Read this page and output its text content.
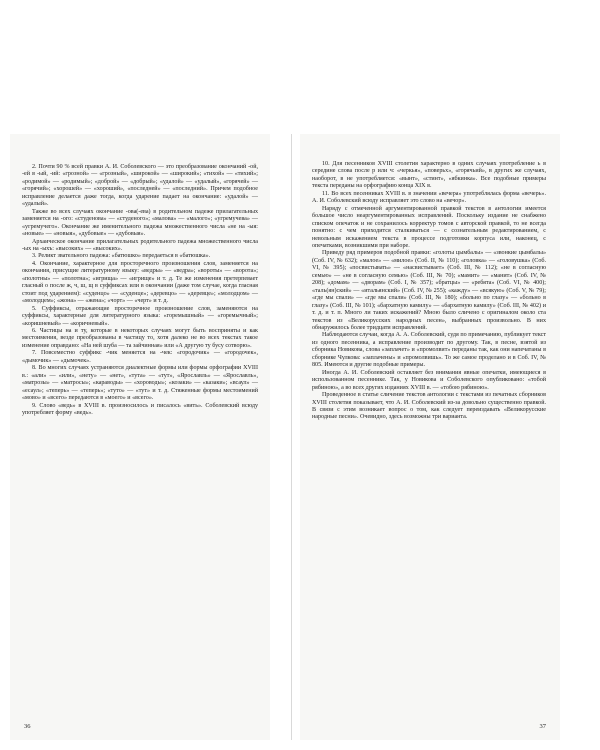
2. Почти 90 % всей правки А. И. Соболевского — это преобразование окончаний -ой, -ей в -ый, -ий: «грозной» — «грозный», «широкой» — «широкий»; «тихой» — «тихий»; «родимой» — «родимый»; «доброй» — «добрый»; «удалой» — «удалый», «горячей» — «горячий»; «хорошей» — «хороший», «последней» — «последний». Причем подобное исправление делается даже тогда, когда ударение падает на окончание: «удалой» — «удалый».

Также во всех случаях окончание -ова(-ева) в родительном падеже прилагательных заменяется на -ого: «студенова» — «студеного»; «малова» — «малого»; «угремучева» — «угремучего». Окончание же именительного падежа множественного числа «не на -ыя: «новые» — «новыя», «дубовые» — «дубовыя».

Архаическое окончание прилагательных родительного падежа множественного числа -ых на -ыхъ: «высоких» — «высоких».

3. Реликт звательного падежа: «батюшко» передаеться в «батюшка».

4. Окончание, характерное для просторечного произношения слов, заменяется на окончания, присущие литературному языку: «ведры» — «ведра»; «вороты» — «ворота»; «полотны» — «полотна»; «игрища» — «игрище» и т. д. Те же изменения претерпевает гласный о после ж, ч, ш, щ в суффиксах или в окончании (даже том случае, когда гласная стоит под ударением): «суденцо» — «суденце»; «деревцо» — «деревце»; «молодцом» — «молодцем»; «жона» — «жена»; «чорт» — «черт» и т. д.

5. Суффиксы, отражающие просторечное произношение слов, заменяются на суффиксы, характерные для литературного языка: «горемышный» — «горемычный»; «коришневый» — «коричневый».

6. Частицы на и ту, которые в некоторых случаях могут быть восприняты и как местоимения, везде преобразованы в частицу то, хотя далеко не во всех текстах такое изменение оправдано: «На ней шуба — та зайчинная» или «А другую ту бусу сотворю».

7. Повсеместно суффикс -чик меняется на -чек: «городочик» — «городочек», «дымочик» — «дымочек».

8. Во многих случаях устраняются диалектные формы или формы орфографии XVIII в.: «али» — «или», «нету» — «нет», «тута» — «тут», «Ярославль» — «Ярославль», «матрозы» — «матросы»; «караводы» — «хороводы»; «козаки» — «казаки»; «всаул» — «есаул»; «теперь» — «теперь»; «туто» — «тут» и т. д. Стяженные формы местоимений «мово» и «всего» передаются в «моего» и «всего».

9. Слово «ведь» в XVIII в. произносилось и писалось «вить». Соболевский всюду употребляет форму «ведь».

36

10. Для песенников XVIII столетия характерно в одних случаях употребление ь в середине слова после р или ч: «черкья», «поверьх», «горячьий», в других же случаях, наоборот, в не употребляется: «вынт», «стинт», «ябкинка». Все подобные примеры текста переданы на орфографию конца XIX в.

11. Во всех песенниках XVIII в. в значении «вечера» употреблялась форма «вечерь». А. И. Соболевский всюду исправляет это слово на «вечор».

Наряду с отмеченной аргументированной правкой текстов в антологии имеется большое число неаргументированных исправлений. Поскольку издание не снабжено списком опечаток и не сохранилось корректур томов с авторской правкой, то не всегда понятно: с чем приходится сталкиваться — с сознательным редактированием, с невольным искажением текста в процессе подготовки корпуса или, наконец, с опечатками, возникшими при наборе.

Приведу ряд примеров подобной правки: «голоты цымбалы» — «звонкие цымбалы» (Соб. IV, № 632); «малое» — «милое» (Соб. II, № 110); «головка» — «головушка» (Соб. VI, № 395); «посвистывать» — «насвистывает» (Соб. III, № 112); «не в согласную семью» — «не в согласную семью» (Соб. III, № 70); «мамит» — «манит» (Соб. IV, № 208); «домам» — «дворам» (Соб. I, № 357); «братцы» — «ребята» (Соб. VI, № 400); «таль(ян)ский» — «итальянский» (Соб. IV, № 255); «кажду» — «всякую» (Соб. V, № 79); «где мы спали» — «где мы спали» (Соб. III, № 180); «больно по глазу» — «больно в глазу» (Соб. III, № 101); «бархатную камилу» — «бархатную камилу» (Соб. III, № 402) и т. д. и т. п. Много ли таких искажений? Мною было сличено с оригиналом около ста текстов из «Великорусских народных песен», выбранных произвольно. В них обнаружилось более тридцати исправлений.

Наблюдаются случаи, когда А. А. Соболевский, судя по примечанию, публикует текст из одного песенника, а исправление производит по другому. Так, в песне, взятой из сборника Новикова, слова «заплачет» и «промолвит» переданы так, как они напечатаны в сборнике Чулкова: «заплачены» и «промолвишь». То же самое проделано и в Соб. IV, № 805. Имеются и другие подобные примеры.

Иногда А. И. Соболевский оставляет без внимания явные опечатки, имеющиеся в использованном песеннике. Так, у Новикова и Соболевского опубликовано: «тобой рябиною», а во всех других изданиях XVIII в. — «тобою рябиною».

Проведенное в статье сличение текстов антологии с текстами из печатных сборников XVIII столетия показывает, что А. И. Соболевский из-за довольно существенно правкой. В связи с этим возникает вопрос о том, как следует переиздавать «Великорусские народные песни». Очевидно, здесь возможны три варианта.

37
